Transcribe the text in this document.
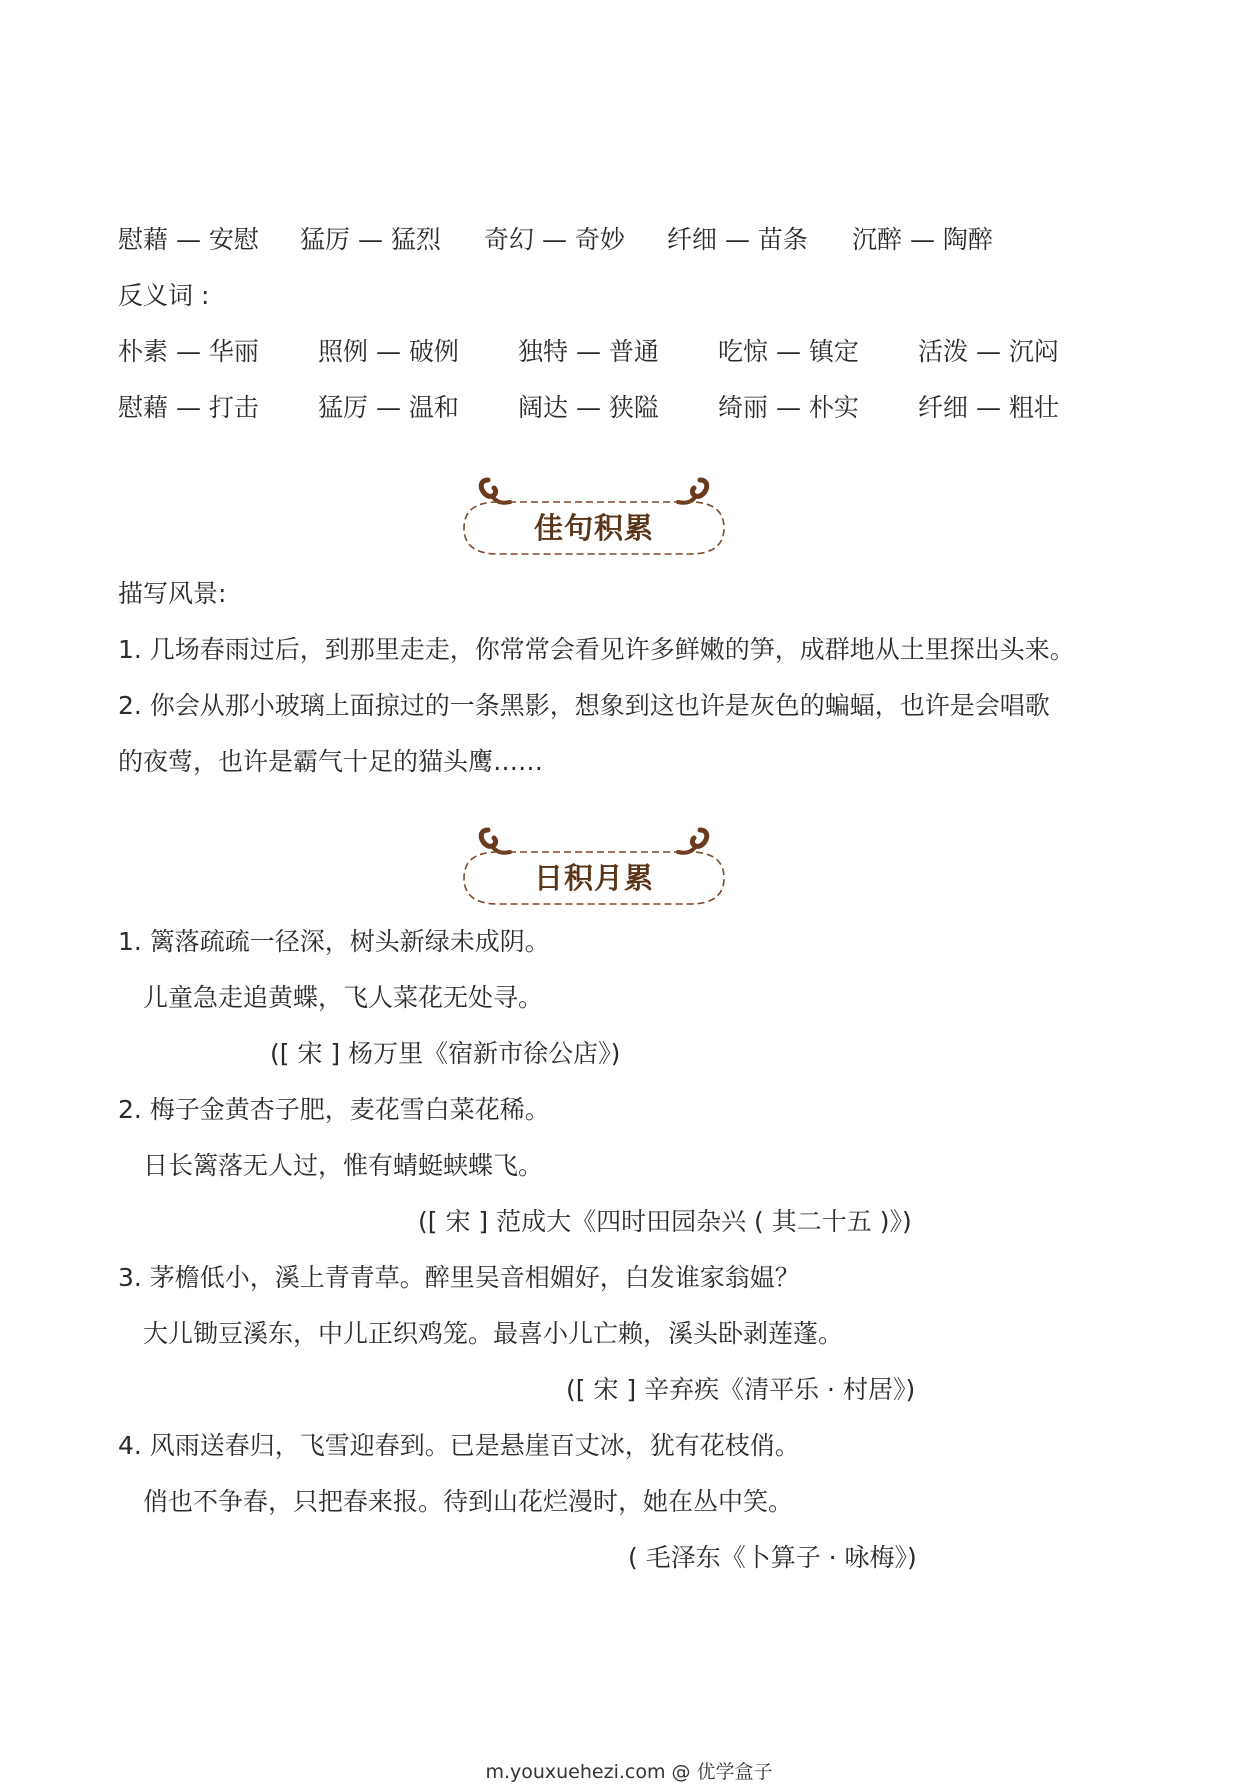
慰藉 — 安慰 猛厉 — 猛烈 奇幻 — 奇妙 纤细 — 苗条 沉醉 — 陶醉
反义词 :
朴素 — 华丽 照例 — 破例 独特 — 普通 吃惊 — 镇定 活泼 — 沉闷
慰藉 — 打击 猛厉 — 温和 阔达 — 狭隘 绮丽 — 朴实 纤细 — 粗壮
佳句积累
描写风景:
1. 几场春雨过后，到那里走走，你常常会看见许多鲜嫩的笋，成群地从土里探出头来。
2. 你会从那小玻璃上面掠过的一条黑影，想象到这也许是灰色的蝙蝠，也许是会唱歌
的夜莺，也许是霸气十足的猫头鹰……
日积月累
1. 篱落疏疏一径深，树头新绿未成阴。
儿童急走追黄蝶，飞人菜花无处寻。
([ 宋 ] 杨万里《宿新市徐公店》)
2. 梅子金黄杏子肥，麦花雪白菜花稀。
日长篱落无人过，惟有蜻蜓蛱蝶飞。
([ 宋 ] 范成大《四时田园杂兴 ( 其二十五 )》)
3. 茅檐低小，溪上青青草。醉里吴音相媚好，白发谁家翁媪？
大儿锄豆溪东，中儿正织鸡笼。最喜小儿亡赖，溪头卧剥莲蓬。
([ 宋 ] 辛弃疾《清平乐 · 村居》)
4. 风雨送春归，飞雪迎春到。已是悬崖百丈冰，犹有花枝俏。
俏也不争春，只把春来报。待到山花烂漫时，她在丛中笑。
( 毛泽东《卜算子 · 咏梅》)
m.youxuehezi.com @ 优学盒子
